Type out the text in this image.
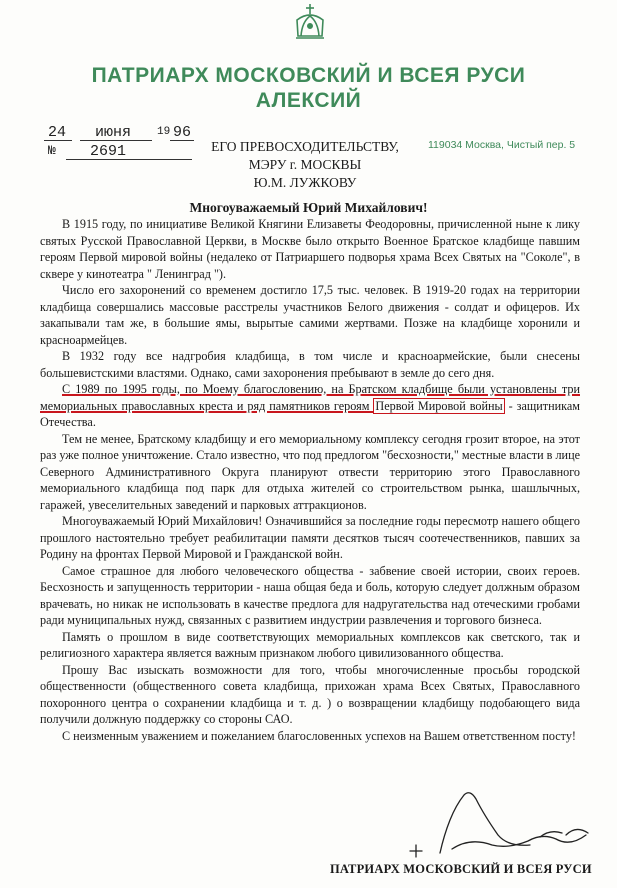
ПАТРИАРХ МОСКОВСКИЙ И ВСЕЯ РУСИ
АЛЕКСИЙ
24 июня 19 96
№ 2691	119034 Москва, Чистый пер. 5
ЕГО ПРЕВОСХОДИТЕЛЬСТВУ,
МЭРУ г. МОСКВЫ
Ю.М. ЛУЖКОВУ
Многоуважаемый Юрий Михайлович!

В 1915 году, по инициативе Великой Княгини Елизаветы Феодоровны, причисленной ныне к лику святых Русской Православной Церкви, в Москве было открыто Военное Братское кладбище павшим героям Первой мировой войны (недалеко от Патриаршего подворья храма Всех Святых на "Соколе", в сквере у кинотеатра " Ленинград ").

Число его захоронений со временем достигло 17,5 тыс. человек. В 1919-20 годах на территории кладбища совершались массовые расстрелы участников Белого движения - солдат и офицеров. Их закапывали там же, в большие ямы, вырытые самими жертвами. Позже на кладбище хоронили и красноармейцев.

В 1932 году все надгробия кладбища, в том числе и красноармейские, были снесены большевистскими властями. Однако, сами захоронения пребывают в земле до сего дня.

С 1989 по 1995 годы, по Моему благословению, на Братском кладбище были установлены три мемориальных православных креста и ряд памятников героям Первой Мировой войны - защитникам Отечества.

Тем не менее, Братскому кладбищу и его мемориальному комплексу сегодня грозит второе, на этот раз уже полное уничтожение. Стало известно, что под предлогом "бесхозности," местные власти в лице Северного Административного Округа планируют отвести территорию этого Православного мемориального кладбища под парк для отдыха жителей со строительством рынка, шашлычных, гаражей, увеселительных заведений и парковых аттракционов.

Многоуважаемый Юрий Михайлович! Означившийся за последние годы пересмотр нашего общего прошлого настоятельно требует реабилитации памяти десятков тысяч соотечественников, павших за Родину на фронтах Первой Мировой и Гражданской войн.

Самое страшное для любого человеческого общества - забвение своей истории, своих героев. Бесхозность и запущенность территории - наша общая беда и боль, которую следует должным образом врачевать, но никак не использовать в качестве предлога для надругательства над отеческими гробами ради муниципальных нужд, связанных с развитием индустрии развлечения и торгового бизнеса.

Память о прошлом в виде соответствующих мемориальных комплексов как светского, так и религиозного характера является важным признаком любого цивилизованного общества.

Прошу Вас изыскать возможности для того, чтобы многочисленные просьбы городской общественности (общественного совета кладбища, прихожан храма Всех Святых, Православного похоронного центра о сохранении кладбища и т. д. ) о возвращении кладбищу подобающего вида получили должную поддержку со стороны САО.

С неизменным уважением и пожеланием благословенных успехов на Вашем ответственном посту!

ПАТРИАРХ МОСКОВСКИЙ И ВСЕЯ РУСИ
